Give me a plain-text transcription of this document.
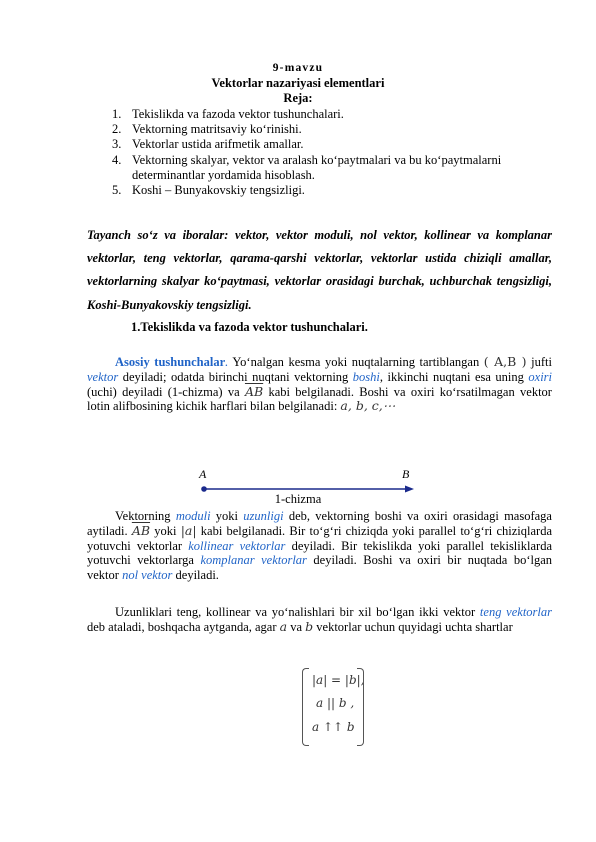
9-mavzu
Vektorlar nazariyasi elementlari
Reja:
1. Tekislikda va fazoda vektor tushunchalari.
2. Vektorning matritsaviy ko‘rinishi.
3. Vektorlar ustida arifmetik amallar.
4. Vektorning skalyar, vektor va aralash ko‘paytmalari va bu ko‘paytmalarni determinantlar yordamida hisoblash.
5. Koshi – Bunyakovskiy tengsizligi.
Tayanch so‘z va iboralar: vektor, vektor moduli, nol vektor, kollinear va komplanar vektorlar, teng vektorlar, qarama-qarshi vektorlar, vektorlar ustida chiziqli amallar, vektorlarning skalyar ko‘paytmasi, vektorlar orasidagi burchak, uchburchak tengsizligi, Koshi-Bunyakovskiy tengsizligi.
1.Tekislikda va fazoda vektor tushunchalari.
Asosiy tushunchalar. Yo‘nalgan kesma yoki nuqtalarning tartiblangan ( A,B ) jufti vektor deyiladi; odatda birinchi nuqtani vektorning boshi, ikkinchi nuqtani esa uning oxiri (uchi) deyiladi (1-chizma) va $\overline{AB}$ kabi belgilanadi. Boshi va oxiri ko‘rsatilmagan vektor lotin alifbosining kichik harflari bilan belgilanadi: a, b, c,⋯
A	B
1-chizma
Vektorning moduli yoki uzunligi deb, vektorning boshi va oxiri orasidagi masofaga aytiladi. $\overline{AB}$ yoki |a| kabi belgilanadi. Bir to‘g‘ri chiziqda yoki parallel to‘g‘ri chiziqlarda yotuvchi vektorlar kollinear vektorlar deyiladi. Bir tekislikda yoki parallel tekisliklarda yotuvchi vektorlarga komplanar vektorlar deyiladi. Boshi va oxiri bir nuqtada bo‘lgan vektor nol vektor deyiladi.
Uzunliklari teng, kollinear va yo‘nalishlari bir xil bo‘lgan ikki vektor teng vektorlar deb ataladi, boshqacha aytganda, agar a va b vektorlar uchun quyidagi uchta shartlar
|a| = |b|,
a || b ,
a ↑↑ b
